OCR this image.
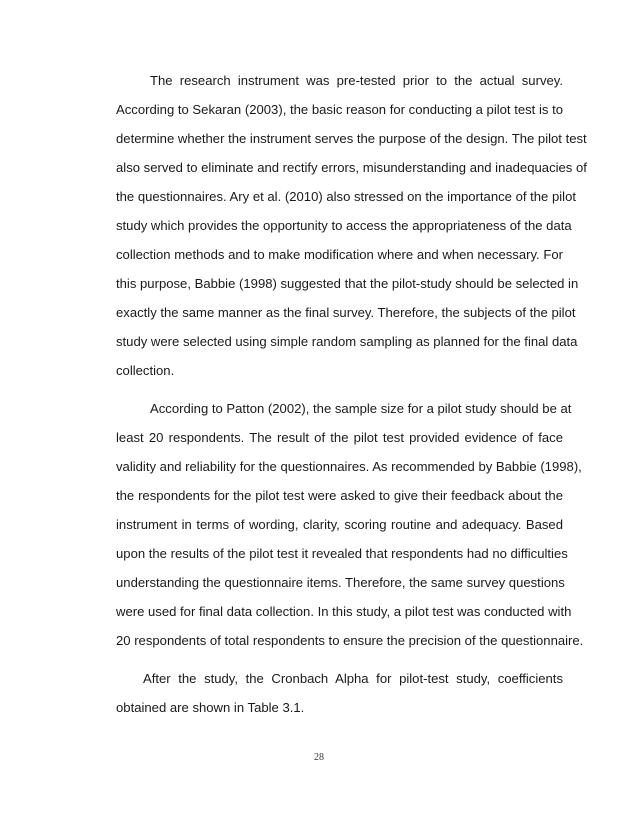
The research instrument was pre-tested prior to the actual survey.
According to Sekaran (2003), the basic reason for conducting a pilot test is to
determine whether the instrument serves the purpose of the design. The pilot test
also served to eliminate and rectify errors, misunderstanding and inadequacies of
the questionnaires. Ary et al. (2010) also stressed on the importance of the pilot
study which provides the opportunity to access the appropriateness of the data
collection methods and to make modification where and when necessary. For
this purpose, Babbie (1998) suggested that the pilot-study should be selected in
exactly the same manner as the final survey. Therefore, the subjects of the pilot
study were selected using simple random sampling as planned for the final data
collection.
According to Patton (2002), the sample size for a pilot study should be at
least 20 respondents. The result of the pilot test provided evidence of face
validity and reliability for the questionnaires. As recommended by Babbie (1998),
the respondents for the pilot test were asked to give their feedback about the
instrument in terms of wording, clarity, scoring routine and adequacy. Based
upon the results of the pilot test it revealed that respondents had no difficulties
understanding the questionnaire items. Therefore, the same survey questions
were used for final data collection. In this study, a pilot test was conducted with
20 respondents of total respondents to ensure the precision of the questionnaire.
After the study, the Cronbach Alpha for pilot-test study, coefficients
obtained are shown in Table 3.1.
28
